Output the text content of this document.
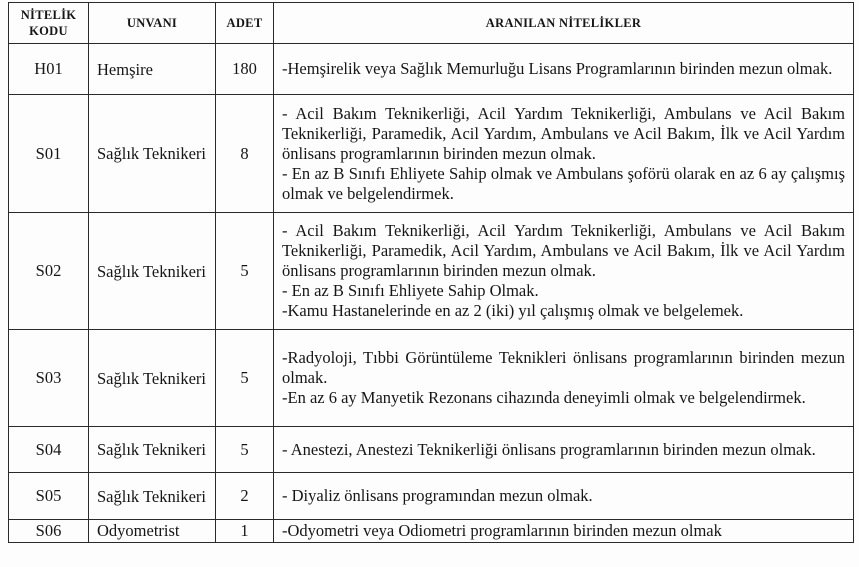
NİTELİK KODU	UNVANI	ADET	ARANILAN NİTELİKLER
H01	Hemşire	180	-Hemşirelik veya Sağlık Memurluğu Lisans Programlarının birinden mezun olmak.

S01	Sağlık Teknikeri	8	- Acil Bakım Teknikerliği, Acil Yardım Teknikerliği, Ambulans ve Acil Bakım Teknikerliği, Paramedik, Acil Yardım, Ambulans ve Acil Bakım, İlk ve Acil Yardım önlisans programlarının birinden mezun olmak.
- En az B Sınıfı Ehliyete Sahip olmak ve Ambulans şoförü olarak en az 6 ay çalışmış olmak ve belgelendirmek.

S02	Sağlık Teknikeri	5	- Acil Bakım Teknikerliği, Acil Yardım Teknikerliği, Ambulans ve Acil Bakım Teknikerliği, Paramedik, Acil Yardım, Ambulans ve Acil Bakım, İlk ve Acil Yardım önlisans programlarının birinden mezun olmak.
- En az B Sınıfı Ehliyete Sahip Olmak.
-Kamu Hastanelerinde en az 2 (iki) yıl çalışmış olmak ve belgelemek.

S03	Sağlık Teknikeri	5	-Radyoloji, Tıbbi Görüntüleme Teknikleri önlisans programlarının birinden mezun olmak.
-En az 6 ay Manyetik Rezonans cihazında deneyimli olmak ve belgelendirmek.

S04	Sağlık Teknikeri	5	- Anestezi, Anestezi Teknikerliği önlisans programlarının birinden mezun olmak.

S05	Sağlık Teknikeri	2	- Diyaliz önlisans programından mezun olmak.

S06	Odyometrist	1	-Odyometri veya Odiometri programlarının birinden mezun olmak
